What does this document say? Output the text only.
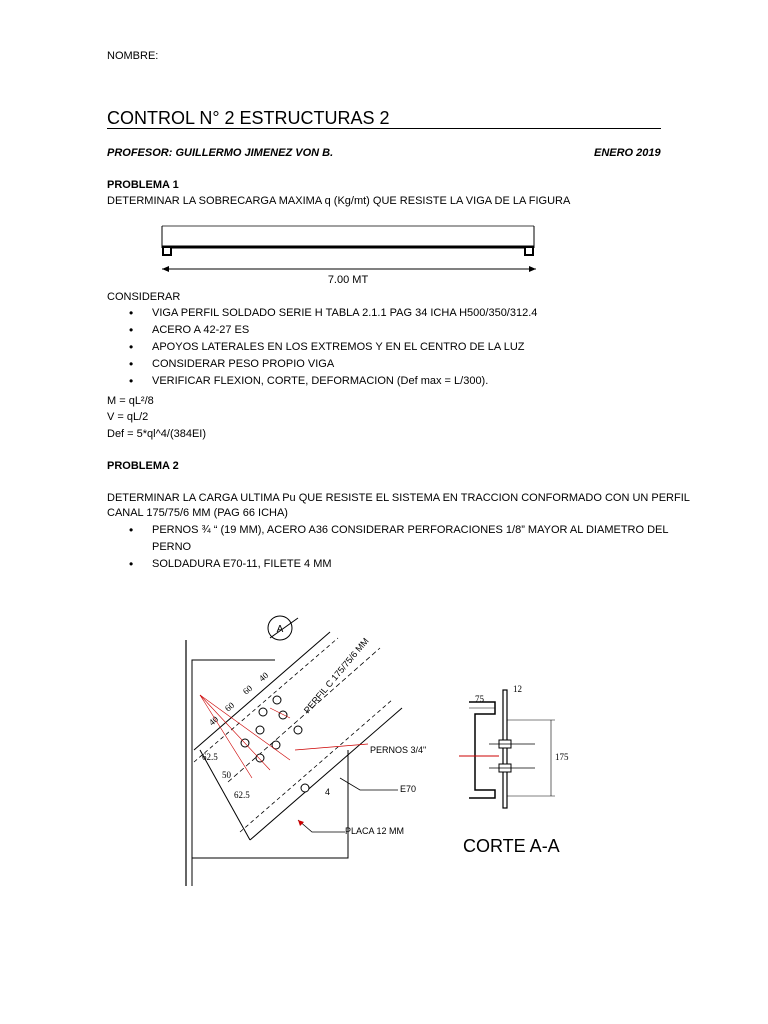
NOMBRE:
CONTROL N° 2 ESTRUCTURAS 2
PROFESOR: GUILLERMO JIMENEZ VON B.	ENERO 2019
PROBLEMA 1
DETERMINAR LA SOBRECARGA MAXIMA q (Kg/mt) QUE RESISTE LA VIGA DE LA FIGURA
7.00 MT
CONSIDERAR
• VIGA PERFIL SOLDADO SERIE H TABLA 2.1.1 PAG 34 ICHA H500/350/312.4
• ACERO A 42-27 ES
• APOYOS LATERALES EN LOS EXTREMOS Y EN EL CENTRO DE LA LUZ
• CONSIDERAR PESO PROPIO VIGA
• VERIFICAR FLEXION, CORTE, DEFORMACION (Def max = L/300).
M = qL²/8
V = qL/2
Def = 5*ql^4/(384EI)
PROBLEMA 2
DETERMINAR LA CARGA ULTIMA Pu QUE RESISTE EL SISTEMA EN TRACCION CONFORMADO CON UN PERFIL
CANAL 175/75/6 MM (PAG 66 ICHA)
• PERNOS ¾ “ (19 MM), ACERO A36 CONSIDERAR PERFORACIONES 1/8” MAYOR AL DIAMETRO DEL
PERNO
• SOLDADURA E70-11, FILETE 4 MM
40
60
60
40
62.5
50
62.5
A
PERFIL C 175/75/6 MM
PERNOS 3/4"
E70
4
PLACA 12 MM
75
12
175
CORTE A-A
